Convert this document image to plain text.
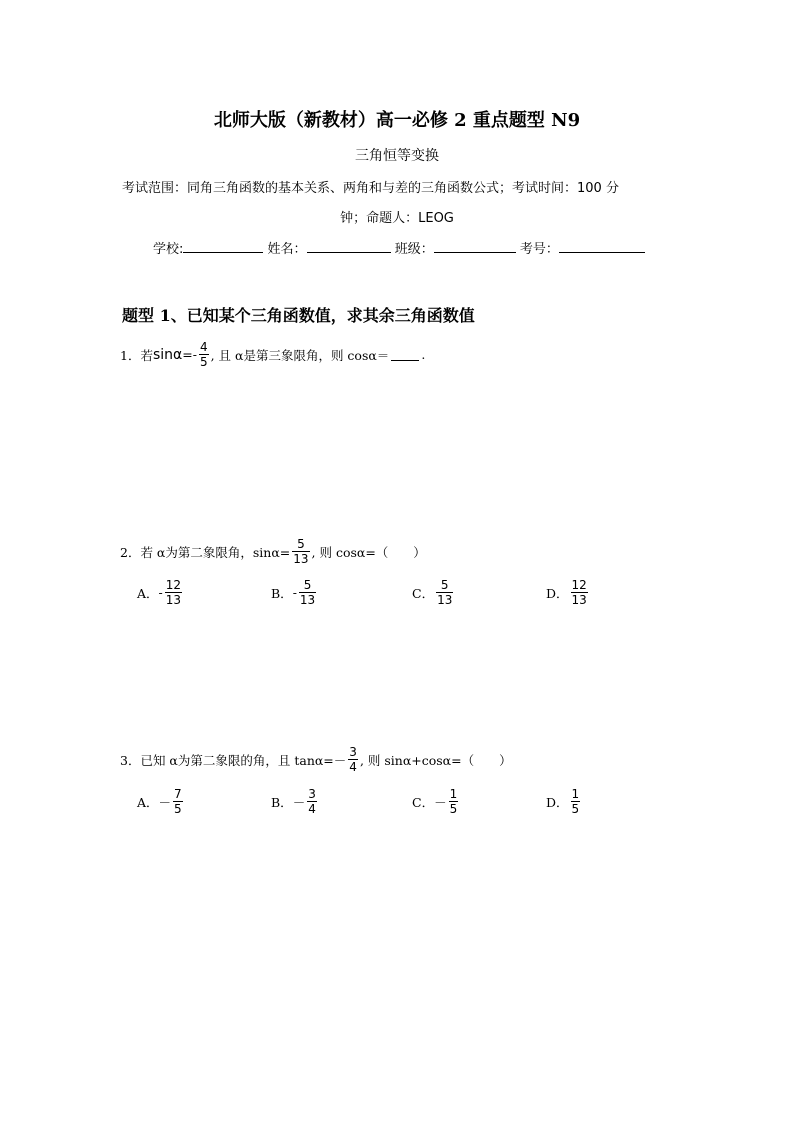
北师大版（新教材）高一必修 2 重点题型 N9
三角恒等变换
考试范围：同角三角函数的基本关系、两角和与差的三角函数公式；考试时间：100 分
钟；命题人：LEOG
学校:	姓名：	班级：	考号：
题型 1、已知某个三角函数值，求其余三角函数值
1．若 $\sin\alpha =- \frac{4}{5}$ , 且 α是第三象限角，则 cosα＝	.
2．若 α为第二象限角，$\sin\alpha= \frac{5}{13}$ , 则 cosα=（　　）
A． - $\frac{12}{13}$	B． - $\frac{5}{13}$	C． $\frac{5}{13}$	D． $\frac{12}{13}$
3．已知 α为第二象限的角，且 $\tan\alpha=- \frac{3}{4}$ , 则 sinα+cosα=（　　）
A． － $\frac{7}{5}$	B． － $\frac{3}{4}$	C． － $\frac{1}{5}$	D． $\frac{1}{5}$
